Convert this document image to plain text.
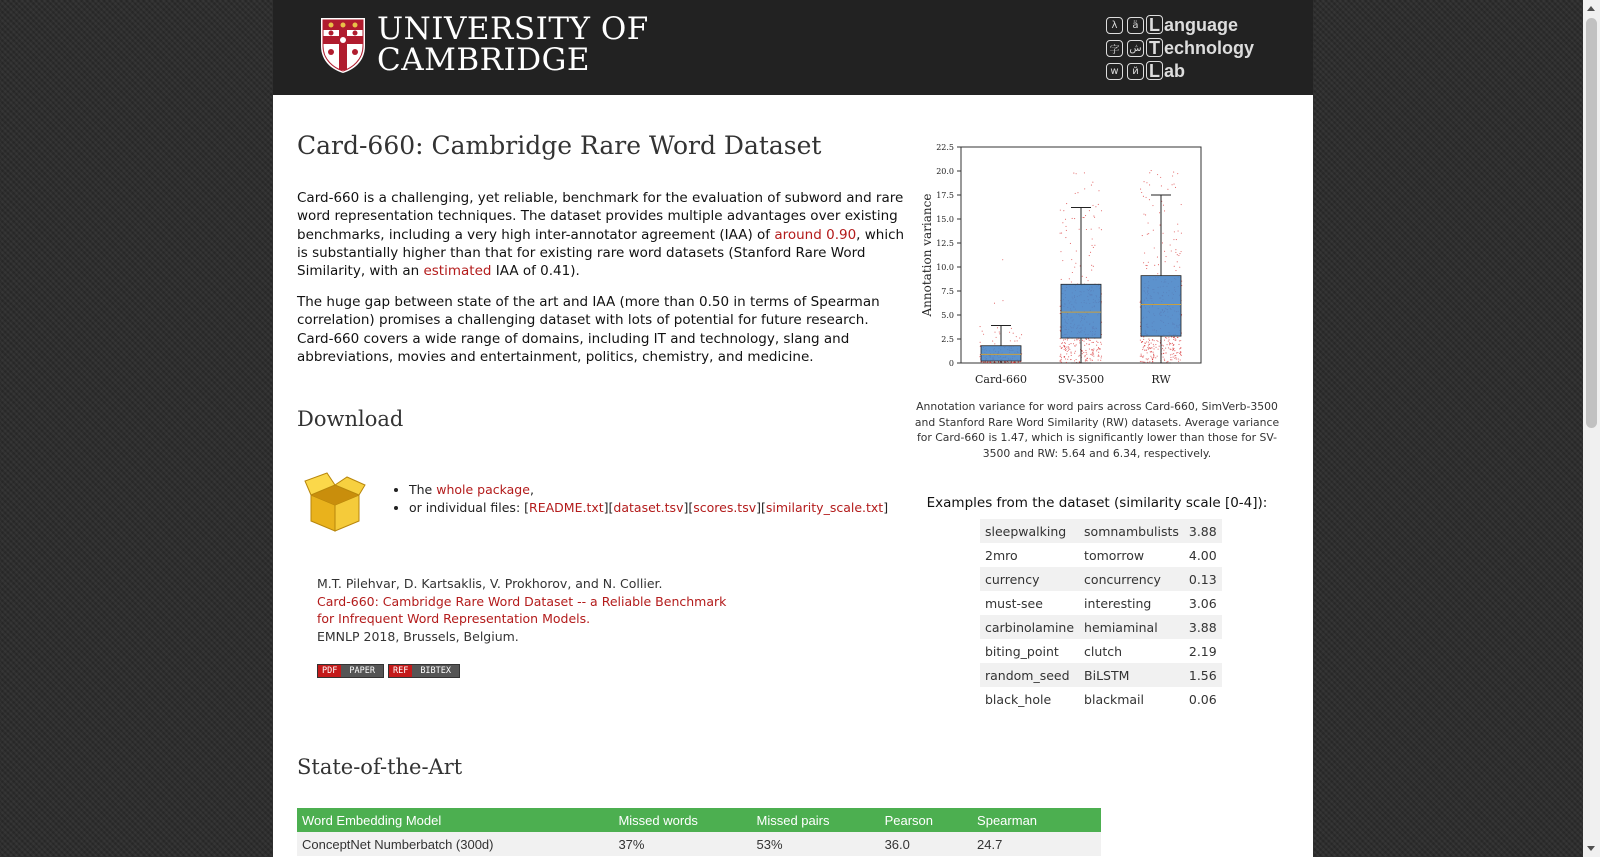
UNIVERSITY OF
CAMBRIDGE
λ	ä L anguage
字 ش T echnology
w	й L ab
Card-660: Cambridge Rare Word Dataset

Card-660 is a challenging, yet reliable, benchmark for the evaluation of subword and rare word representation techniques. The dataset provides multiple advantages over existing benchmarks, including a very high inter-annotator agreement (IAA) of around 0.90, which is substantially higher than that for existing rare word datasets (Stanford Rare Word Similarity, with an estimated IAA of 0.41).

The huge gap between state of the art and IAA (more than 0.50 in terms of Spearman correlation) promises a challenging dataset with lots of potential for future research. Card-660 covers a wide range of domains, including IT and technology, slang and abbreviations, movies and entertainment, politics, chemistry, and medicine.

Download
• The whole package,
• or individual files: [README.txt][dataset.tsv][scores.tsv][similarity_scale.txt]
M.T. Pilehvar, D. Kartsaklis, V. Prokhorov, and N. Collier.
Card-660: Cambridge Rare Word Dataset -- a Reliable Benchmark for Infrequent Word Representation Models.
EMNLP 2018, Brussels, Belgium.
PDF	PAPER	REF	BIBTEX
0
2.5
5.0
7.5
10.0
12.5
15.0
17.5
20.0
22.5
Annotation variance
Card-660	SV-3500	RW
Annotation variance for word pairs across Card-660, SimVerb-3500 and Stanford Rare Word Similarity (RW) datasets. Average variance for Card-660 is 1.47, which is significantly lower than those for SV-3500 and RW: 5.64 and 6.34, respectively.
Examples from the dataset (similarity scale [0-4]):
sleepwalking	somnambulists	3.88
2mro	tomorrow	4.00
currency	concurrency	0.13
must-see	interesting	3.06
carbinolamine	hemiaminal	3.88
biting_point	clutch	2.19
random_seed	BiLSTM	1.56
black_hole	blackmail	0.06
State-of-the-Art
Word Embedding Model	Missed words	Missed pairs	Pearson	Spearman
ConceptNet Numberbatch (300d)	37%	53%	36.0	24.7
